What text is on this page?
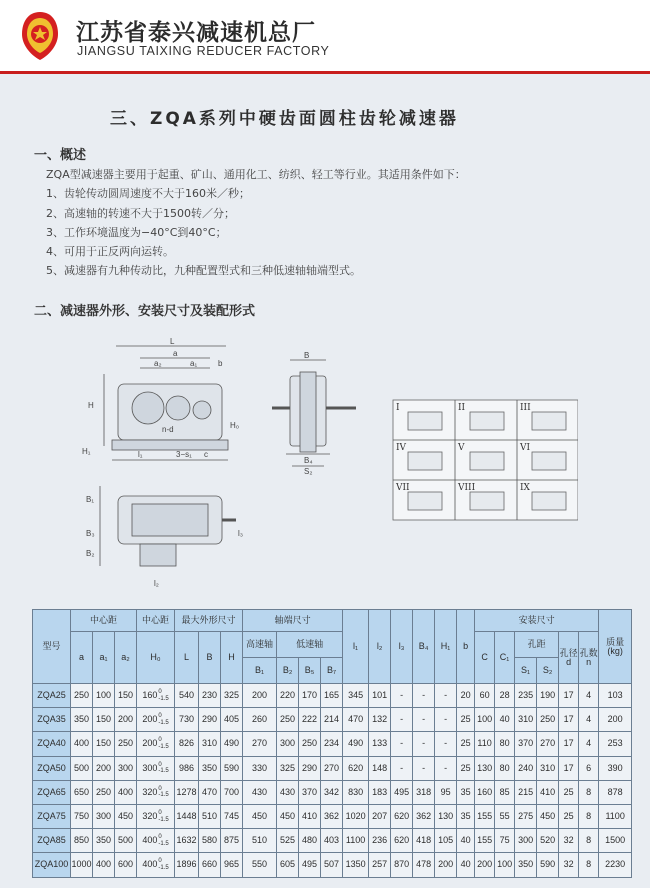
江苏省泰兴减速机总厂
JIANGSU TAIXING REDUCER FACTORY
三、ZQA系列中硬齿面圆柱齿轮减速器
一、概述
ZQA型减速器主要用于起重、矿山、通用化工、纺织、轻工等行业。其适用条件如下：
1、齿轮传动圆周速度不大于160米／秒；
2、高速轴的转速不大于1500转／分；
3、工作环境温度为−40°C到40°C；
4、可用于正反两向运转。
5、减速器有九种传动比，九种配置型式和三种低速轴轴端型式。
二、减速器外形、安装尺寸及装配形式
L
a
a₂	a₁	b
H
H₁
n-d	H₀
l₁	3−s₁ c
B
B₄
S₂
B₁
B₃
B₂
l₃
l₂
I	II	III
IV	V	VI
VII	VIII	IX
型号	中心距			中心距	最大外形尺寸			轴端尺寸				l₁	l₂	l₃	B₄	H₁	b	安装尺寸						质量(kg)
	a	a₁	a₂	H₀	L	B	H	高速轴	低速轴									C	C₁	孔距		孔径d	孔数n	
								B₁	B₂	B₅	B₇									S₁	S₂			
ZQA25	250	100	150	160 0
-1.5	540	230	325	200	220	170	165	345	101	-	-	-	20	60	28	235	190	17	4	103
ZQA35	350	150	200	200 0
-1.5	730	290	405	260	250	222	214	470	132	-	-	-	25	100	40	310	250	17	4	200
ZQA40	400	150	250	200 0
-1.5	826	310	490	270	300	250	234	490	133	-	-	-	25	110	80	370	270	17	4	253
ZQA50	500	200	300	300 0
-1.5	986	350	590	330	325	290	270	620	148	-	-	-	25	130	80	240	310	17	6	390
ZQA65	650	250	400	320 0
-1.5	1278	470	700	430	430	370	342	830	183	495	318	95	35	160	85	215	410	25	8	878
ZQA75	750	300	450	320 0
-1.5	1448	510	745	450	450	410	362	1020	207	620	362	130	35	155	55	275	450	25	8	1100
ZQA85	850	350	500	400 0
-1.5	1632	580	875	510	525	480	403	1100	236	620	418	105	40	155	75	300	520	32	8	1500
ZQA100	1000	400	600	400 0
-1.5	1896	660	965	550	605	495	507	1350	257	870	478	200	40	200	100	350	590	32	8	2230
